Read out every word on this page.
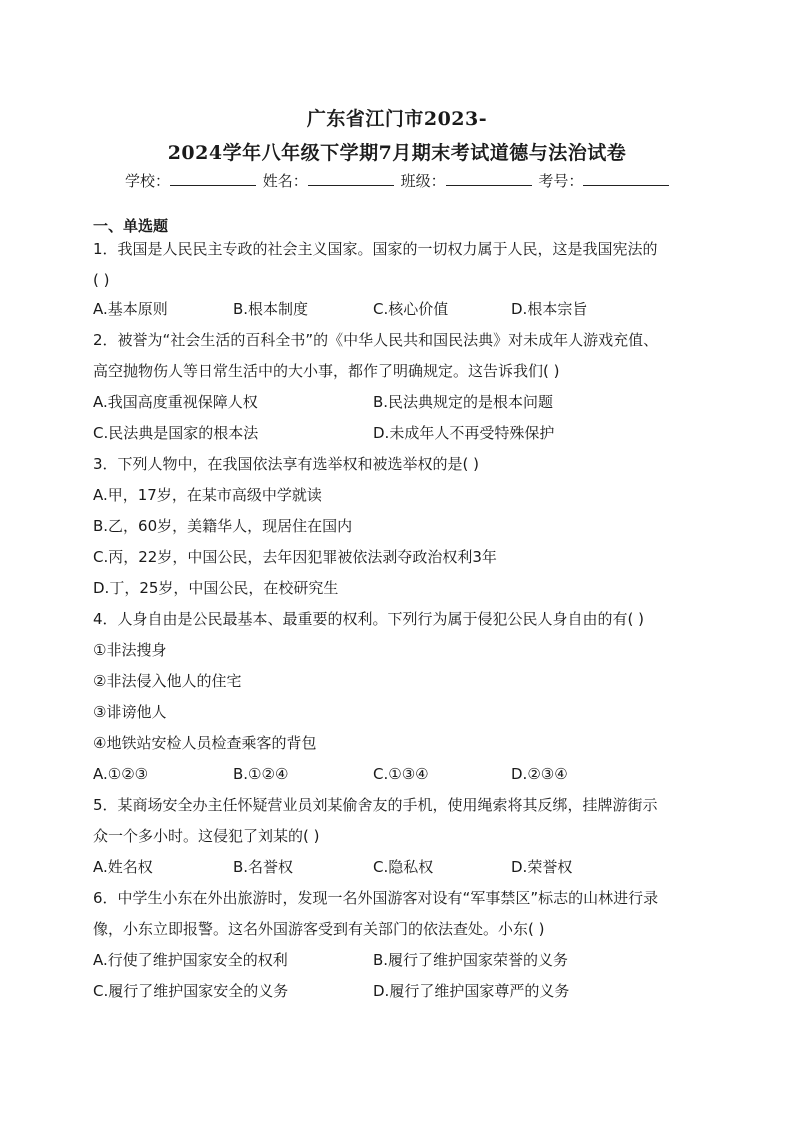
广东省江门市2023-
2024学年八年级下学期7月期末考试道德与法治试卷
学校：	姓名：	班级：	考号：
一、单选题
1．我国是人民民主专政的社会主义国家。国家的一切权力属于人民，这是我国宪法的
( )
A.基本原则	B.根本制度	C.核心价值	D.根本宗旨
2．被誉为“社会生活的百科全书”的《中华人民共和国民法典》对未成年人游戏充值、
高空抛物伤人等日常生活中的大小事，都作了明确规定。这告诉我们( )
A.我国高度重视保障人权	B.民法典规定的是根本问题
C.民法典是国家的根本法	D.未成年人不再受特殊保护
3．下列人物中，在我国依法享有选举权和被选举权的是( )
A.甲，17岁，在某市高级中学就读
B.乙，60岁，美籍华人，现居住在国内
C.丙，22岁，中国公民，去年因犯罪被依法剥夺政治权利3年
D.丁，25岁，中国公民，在校研究生
4．人身自由是公民最基本、最重要的权利。下列行为属于侵犯公民人身自由的有( )
①非法搜身
②非法侵入他人的住宅
③诽谤他人
④地铁站安检人员检查乘客的背包
A.①②③	B.①②④	C.①③④	D.②③④
5．某商场安全办主任怀疑营业员刘某偷舍友的手机，使用绳索将其反绑，挂牌游街示
众一个多小时。这侵犯了刘某的( )
A.姓名权	B.名誉权	C.隐私权	D.荣誉权
6．中学生小东在外出旅游时，发现一名外国游客对设有“军事禁区”标志的山林进行录
像，小东立即报警。这名外国游客受到有关部门的依法查处。小东( )
A.行使了维护国家安全的权利	B.履行了维护国家荣誉的义务
C.履行了维护国家安全的义务	D.履行了维护国家尊严的义务
